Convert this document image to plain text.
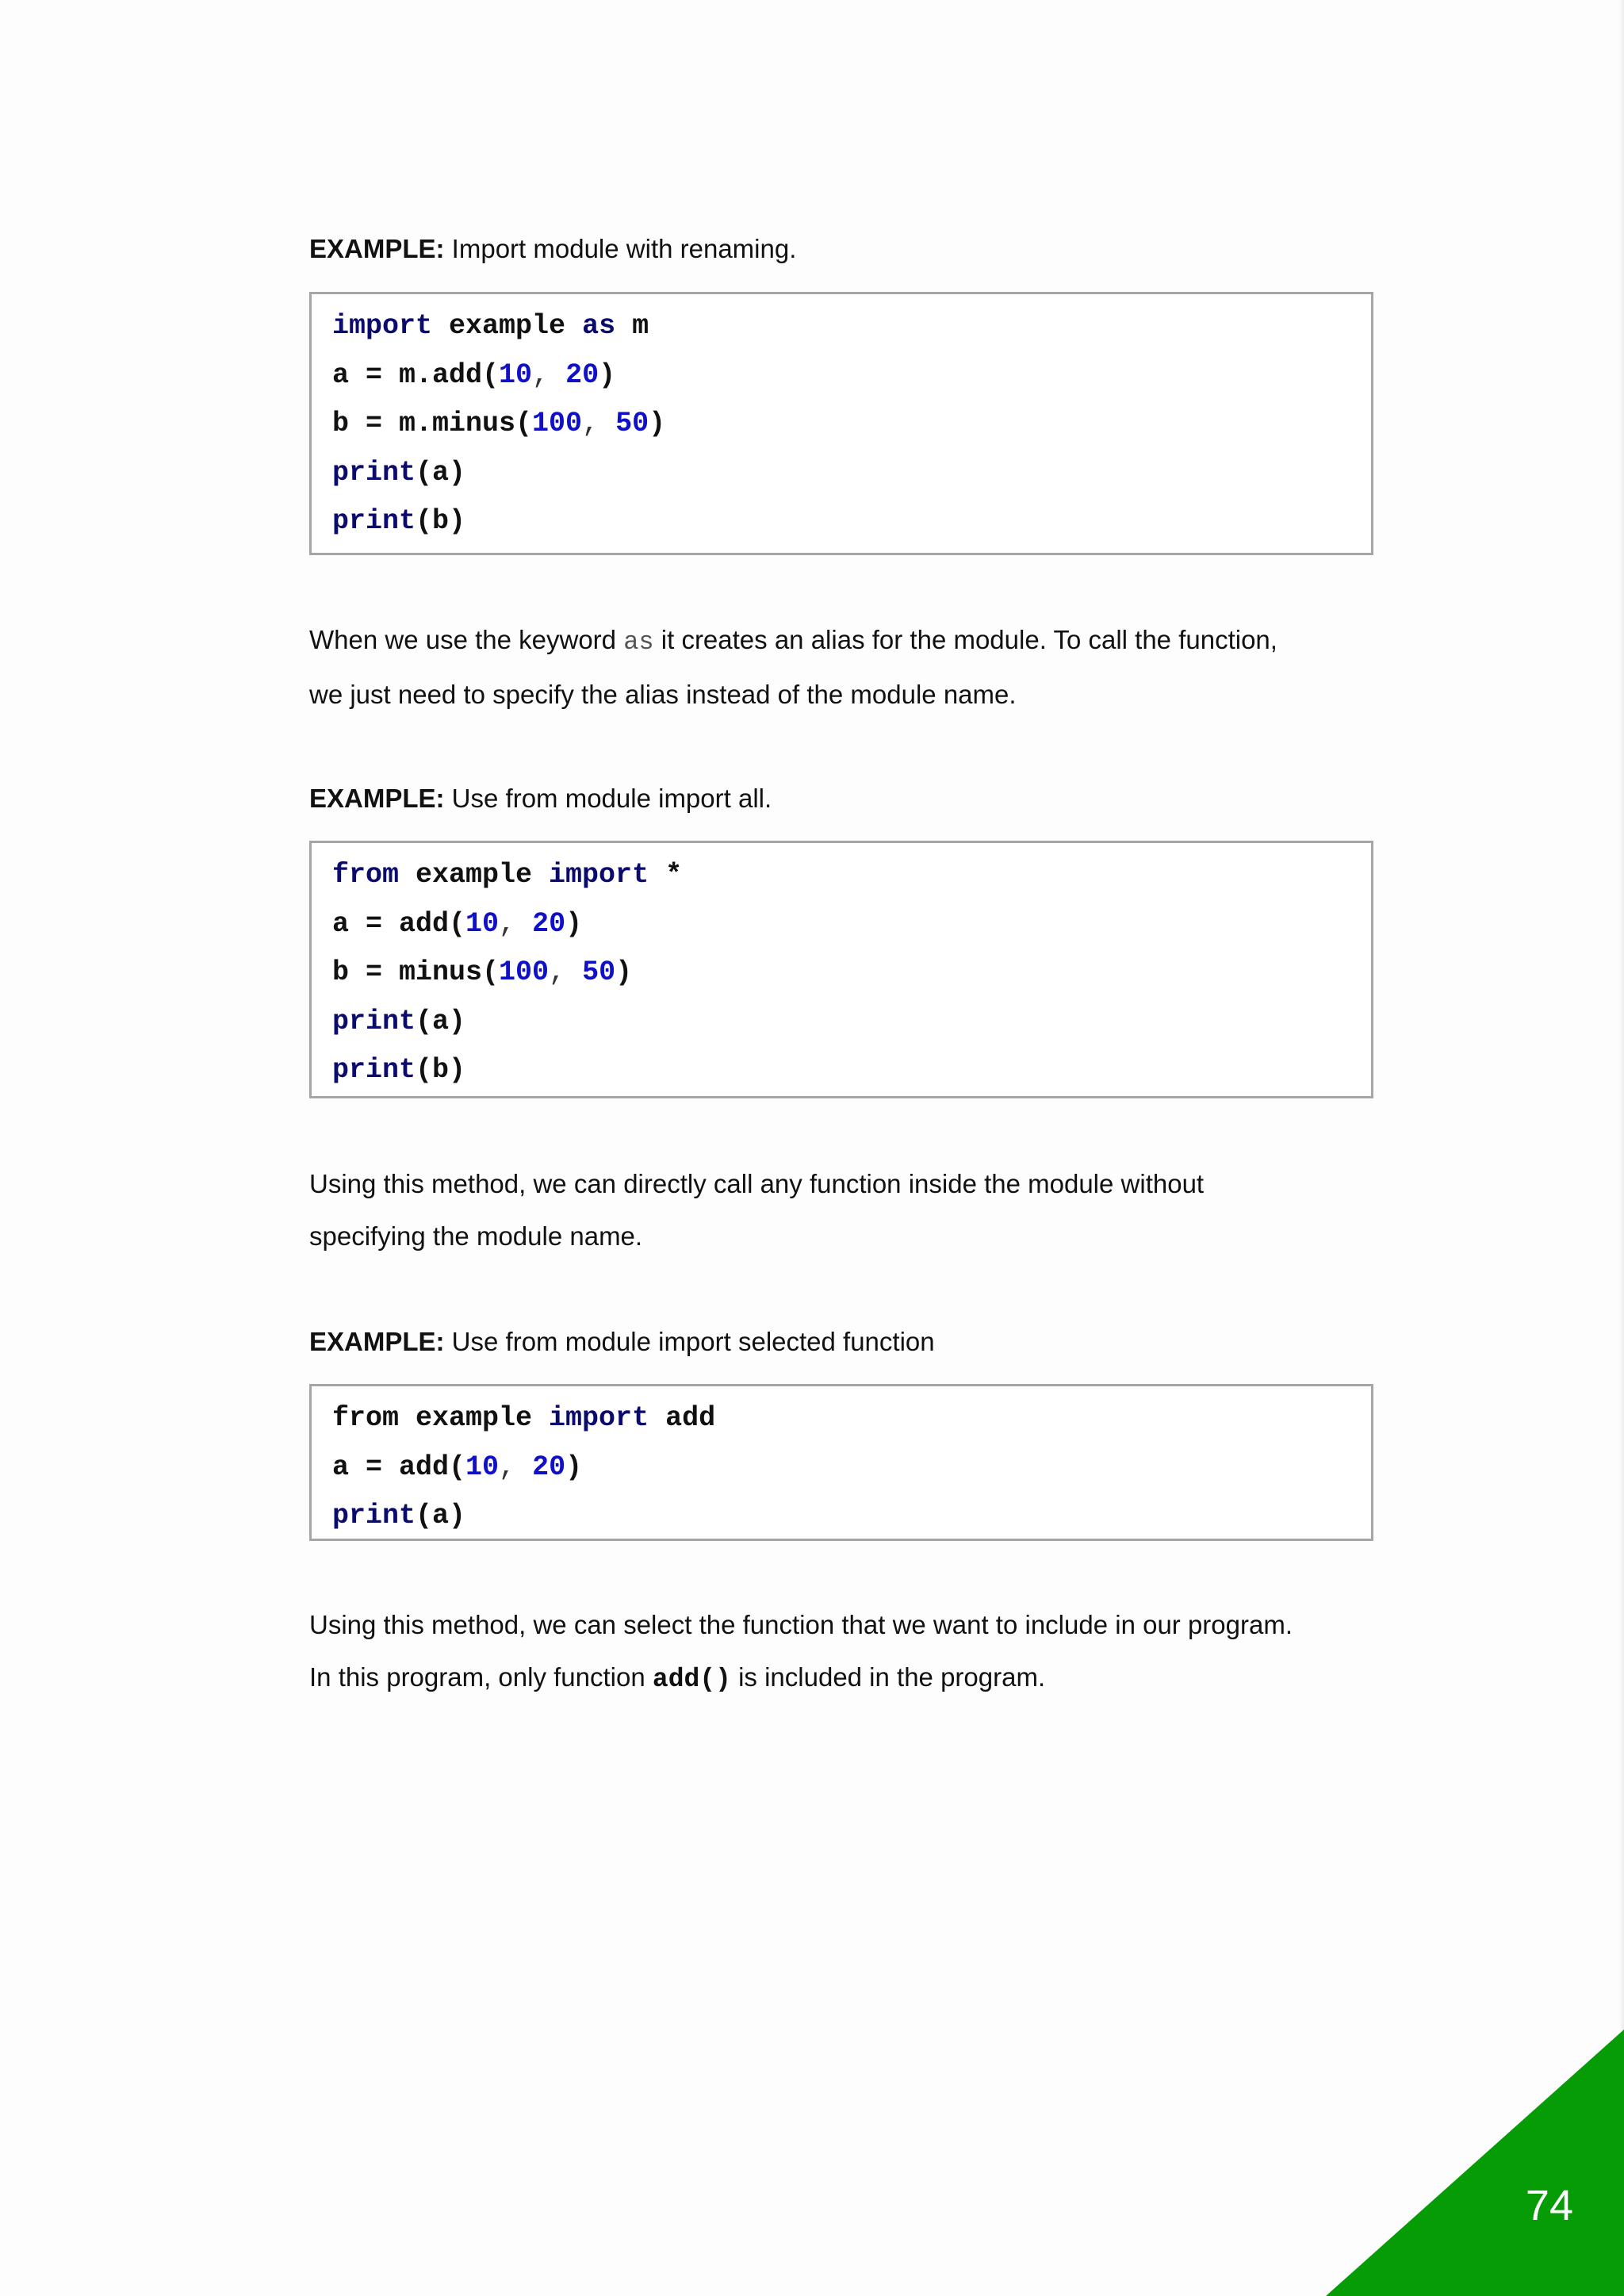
EXAMPLE: Import module with renaming.
import example as m
a = m.add(10, 20)
b = m.minus(100, 50)
print(a)
print(b)
When we use the keyword as it creates an alias for the module. To call the function,
we just need to specify the alias instead of the module name.
EXAMPLE: Use from module import all.
from example import *
a = add(10, 20)
b = minus(100, 50)
print(a)
print(b)
Using this method, we can directly call any function inside the module without
specifying the module name.
EXAMPLE: Use from module import selected function
from example import add
a = add(10, 20)
print(a)
Using this method, we can select the function that we want to include in our program.
In this program, only function add() is included in the program.
74
